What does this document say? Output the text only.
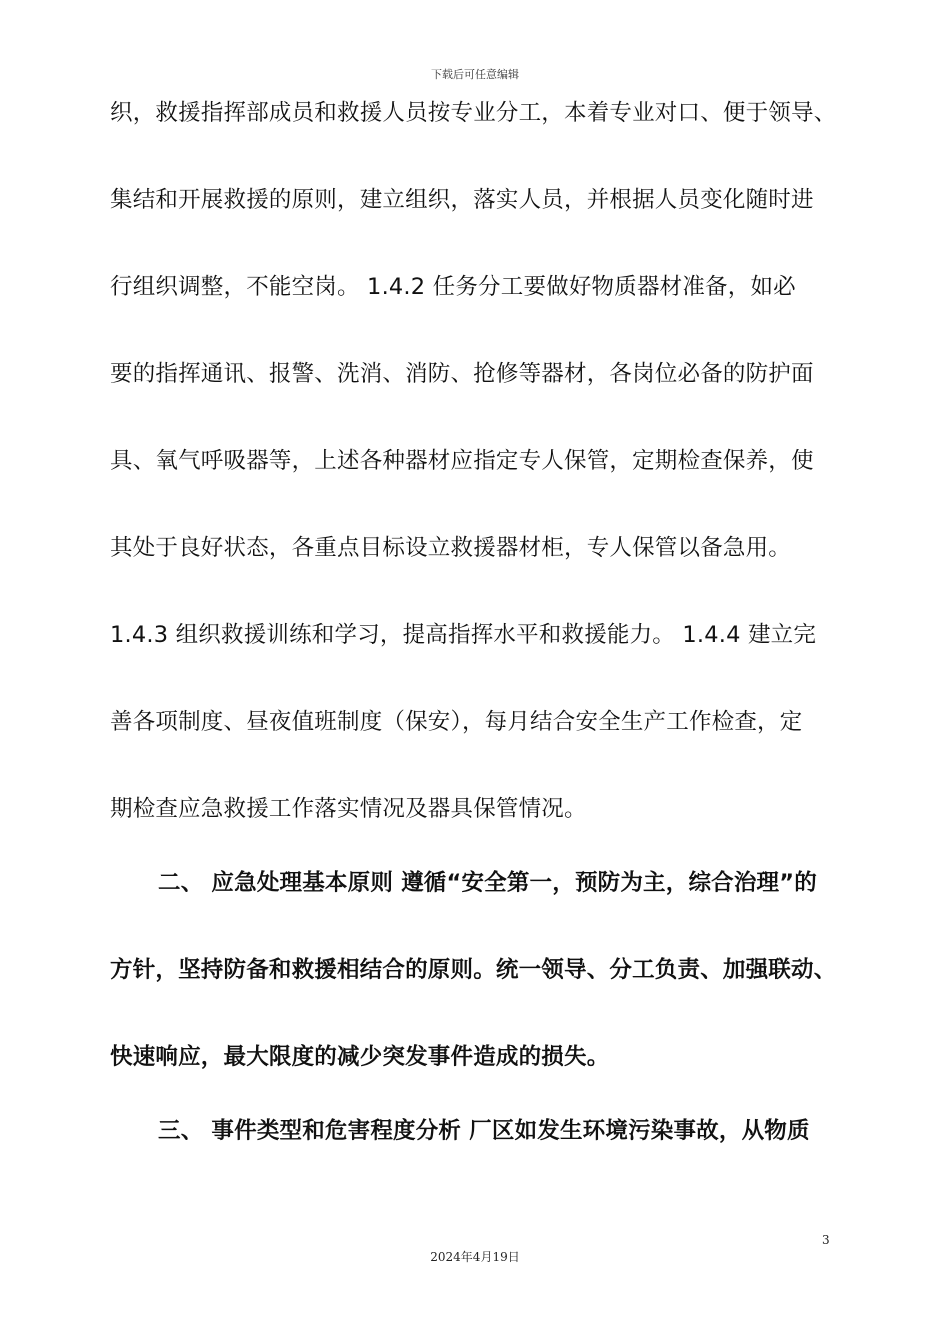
下载后可任意编辑
织，救援指挥部成员和救援人员按专业分工，本着专业对口、便于领导、
集结和开展救援的原则，建立组织，落实人员，并根据人员变化随时进
行组织调整，不能空岗。 1.4.2 任务分工要做好物质器材准备，如必
要的指挥通讯、报警、洗消、消防、抢修等器材，各岗位必备的防护面
具、氧气呼吸器等，上述各种器材应指定专人保管，定期检查保养，使
其处于良好状态，各重点目标设立救援器材柜，专人保管以备急用。
1.4.3 组织救援训练和学习，提高指挥水平和救援能力。 1.4.4 建立完
善各项制度、昼夜值班制度（保安），每月结合安全生产工作检查，定
期检查应急救援工作落实情况及器具保管情况。
二、 应急处理基本原则 遵循“安全第一，预防为主，综合治理”的
方针，坚持防备和救援相结合的原则。统一领导、分工负责、加强联动、
快速响应，最大限度的减少突发事件造成的损失。
三、 事件类型和危害程度分析 厂区如发生环境污染事故，从物质
3
2024年4月19日
